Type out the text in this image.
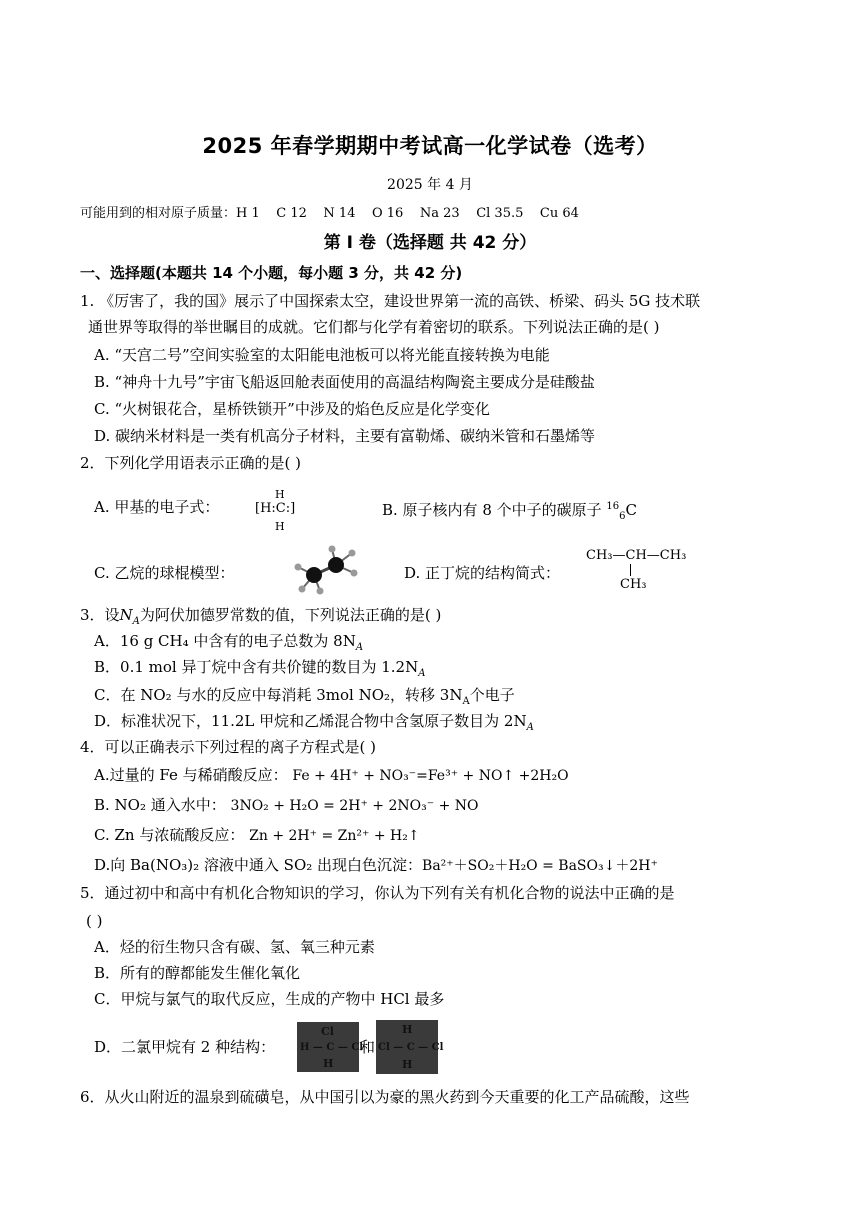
2025 年春学期期中考试高一化学试卷（选考）
2025 年 4 月
可能用到的相对原子质量：H 1    C 12    N 14    O 16    Na 23    Cl 35.5    Cu 64
第 I 卷（选择题 共 42 分）
一、选择题(本题共 14 个小题，每小题 3 分，共 42 分)
1. 《厉害了，我的国》展示了中国探索太空，建设世界第一流的高铁、桥梁、码头 5G 技术联
通世界等取得的举世瞩目的成就。它们都与化学有着密切的联系。下列说法正确的是( )
A. “天宫二号”空间实验室的太阳能电池板可以将光能直接转换为电能
B. “神舟十九号”宇宙飞船返回舱表面使用的高温结构陶瓷主要成分是硅酸盐
C. “火树银花合，星桥铁锁开”中涉及的焰色反应是化学变化
D. 碳纳米材料是一类有机高分子材料，主要有富勒烯、碳纳米管和石墨烯等
2．下列化学用语表示正确的是( )
A. 甲基的电子式：
H
[H:C:]
H
B. 原子核内有 8 个中子的碳原子 $^{16}_6$C
C. 乙烷的球棍模型：	D. 正丁烷的结构简式：
CH₃—CH—CH₃
CH₃
3．设$N_A$为阿伏加德罗常数的值，下列说法正确的是( )
A．16 g CH₄ 中含有的电子总数为 $8N_A$
B．0.1 mol 异丁烷中含有共价键的数目为 $1.2N_A$
C．在 NO₂ 与水的反应中每消耗 3mol NO₂，转移 $3N_A$个电子
D．标准状况下，11.2L 甲烷和乙烯混合物中含氢原子数目为 $2N_A$
4．可以正确表示下列过程的离子方程式是( )
A.过量的 Fe 与稀硝酸反应： Fe + 4H⁺ + NO₃⁻=Fe³⁺ + NO↑ +2H₂O
B. NO₂ 通入水中： 3NO₂ + H₂O = 2H⁺ + 2NO₃⁻ + NO
C. Zn 与浓硫酸反应： Zn + 2H⁺ = Zn²⁺ + H₂↑
D.向 Ba(NO₃)₂ 溶液中通入 SO₂ 出现白色沉淀：Ba²⁺＋SO₂＋H₂O = BaSO₃↓＋2H⁺
5．通过初中和高中有机化合物知识的学习，你认为下列有关有机化合物的说法中正确的是
( )
A．烃的衍生物只含有碳、氢、氧三种元素
B．所有的醇都能发生催化氧化
C．甲烷与氯气的取代反应，生成的产物中 HCl 最多
D．二氯甲烷有 2 种结构：
Cl
H — C — Cl
H
和
H
Cl — C — Cl
H
6．从火山附近的温泉到硫磺皂，从中国引以为豪的黑火药到今天重要的化工产品硫酸，这些
